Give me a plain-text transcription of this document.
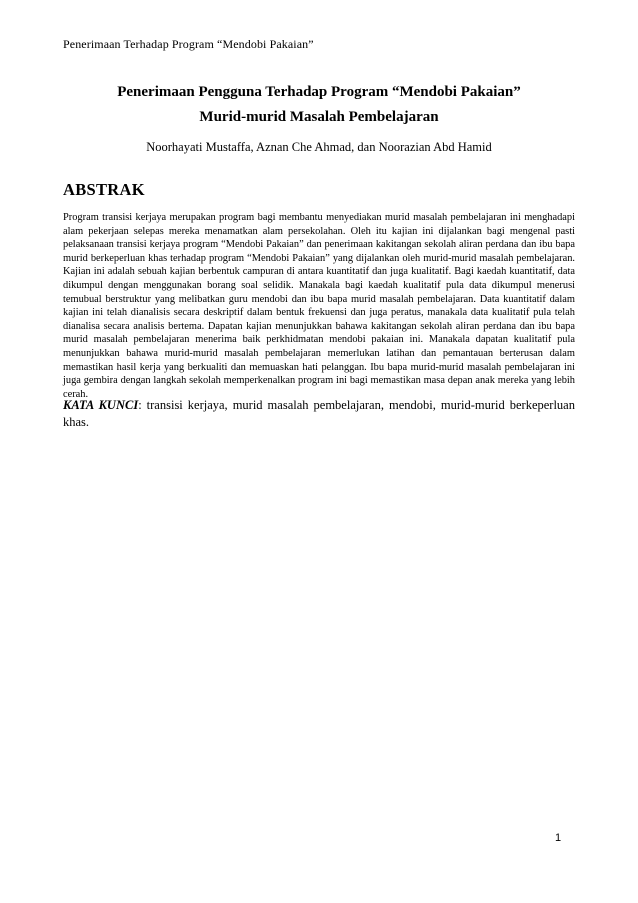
Penerimaan Terhadap Program “Mendobi Pakaian”
Penerimaan Pengguna Terhadap Program “Mendobi Pakaian”
Murid-murid Masalah Pembelajaran
Noorhayati Mustaffa, Aznan Che Ahmad, dan Noorazian Abd Hamid
ABSTRAK
Program transisi kerjaya merupakan program bagi membantu menyediakan murid masalah pembelajaran ini menghadapi alam pekerjaan selepas mereka menamatkan alam persekolahan. Oleh itu kajian ini dijalankan bagi mengenal pasti pelaksanaan transisi kerjaya program “Mendobi Pakaian” dan penerimaan kakitangan sekolah aliran perdana dan ibu bapa murid berkeperluan khas terhadap program “Mendobi Pakaian” yang dijalankan oleh murid-murid masalah pembelajaran. Kajian ini adalah sebuah kajian berbentuk campuran di antara kuantitatif dan juga kualitatif. Bagi kaedah kuantitatif, data dikumpul dengan menggunakan borang soal selidik. Manakala bagi kaedah kualitatif pula data dikumpul menerusi temubual berstruktur yang melibatkan guru mendobi dan ibu bapa murid masalah pembelajaran. Data kuantitatif dalam kajian ini telah dianalisis secara deskriptif dalam bentuk frekuensi dan juga peratus, manakala data kualitatif pula telah dianalisa secara analisis bertema. Dapatan kajian menunjukkan bahawa kakitangan sekolah aliran perdana dan ibu bapa murid masalah pembelajaran menerima baik perkhidmatan mendobi pakaian ini. Manakala dapatan kualitatif pula menunjukkan bahawa murid-murid masalah pembelajaran memerlukan latihan dan pemantauan berterusan dalam memastikan hasil kerja yang berkualiti dan memuaskan hati pelanggan. Ibu bapa murid-murid masalah pembelajaran ini juga gembira dengan langkah sekolah memperkenalkan program ini bagi memastikan masa depan anak mereka yang lebih cerah.
KATA KUNCI: transisi kerjaya, murid masalah pembelajaran, mendobi, murid-murid berkeperluan khas.
1
